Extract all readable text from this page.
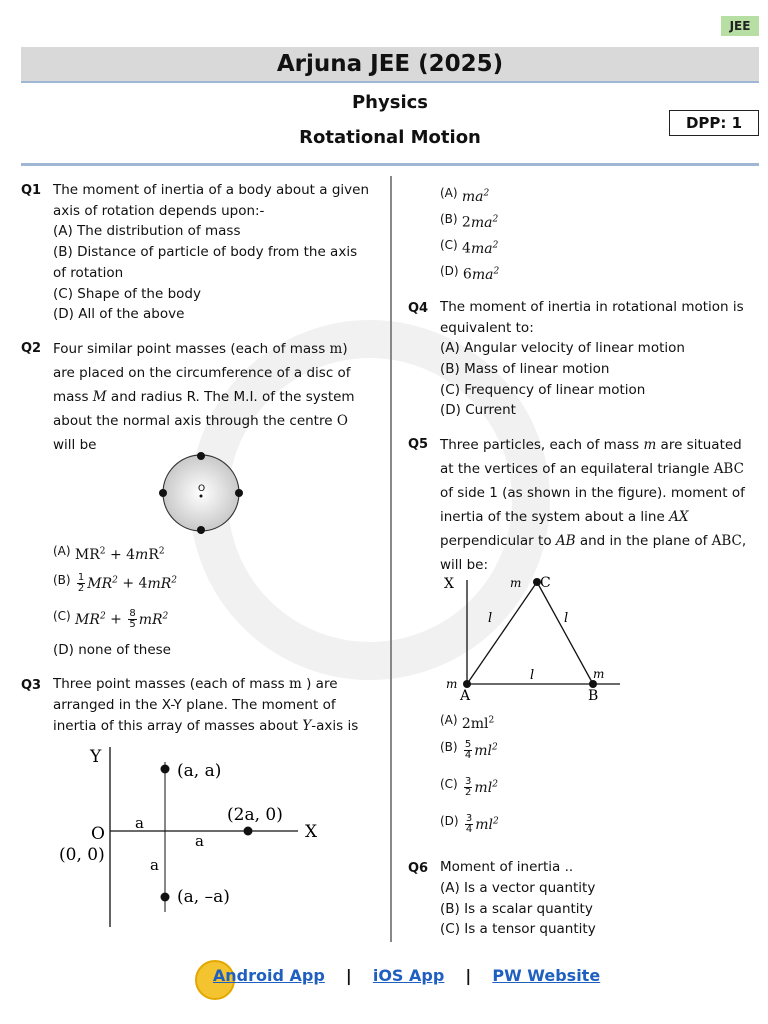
JEE
Arjuna JEE (2025)
Physics
Rotational Motion
DPP: 1
Q1 The moment of inertia of a body about a given axis of rotation depends upon:-
(A) The distribution of mass
(B) Distance of particle of body from the axis of rotation
(C) Shape of the body
(D) All of the above
Q2 Four similar point masses (each of mass m) are placed on the circumference of a disc of mass M and radius R. The M.I. of the system about the normal axis through the centre O will be
O
(A) $MR^2 + 4mR^2$
$(B) \frac{1}{2} MR^2 + 4mR^2$
(C) $MR^2 + \frac{8}{5} mR^2$
(D) none of these
Q3 Three point masses (each of mass m ) are arranged in the X-Y plane. The moment of inertia of this array of masses about Y-axis is
Y
X
O
(0, 0)
(a, a)
(2a, 0)
(a, –a)
a
a
a
(A) $ma^2$
(B) $2ma^2$
(C) $4ma^2$
(D) $6ma^2$
Q4 The moment of inertia in rotational motion is equivalent to:
(A) Angular velocity of linear motion
(B) Mass of linear motion
(C) Frequency of linear motion
(D) Current
Q5 Three particles, each of mass m are situated at the vertices of an equilateral triangle ABC of side 1 (as shown in the figure). moment of inertia of the system about a line AX perpendicular to AB and in the plane of ABC, will be:
X	C
m
A	B
m
m
l	l
l
(A) $2ml^2$
$(B) \frac{5}{4} ml^2$
$(C) \frac{3}{2} ml^2$
$(D) \frac{3}{4} ml^2$
Q6 Moment of inertia ..
(A) Is a vector quantity
(B) Is a scalar quantity
(C) Is a tensor quantity
Android App | iOS App | PW Website
